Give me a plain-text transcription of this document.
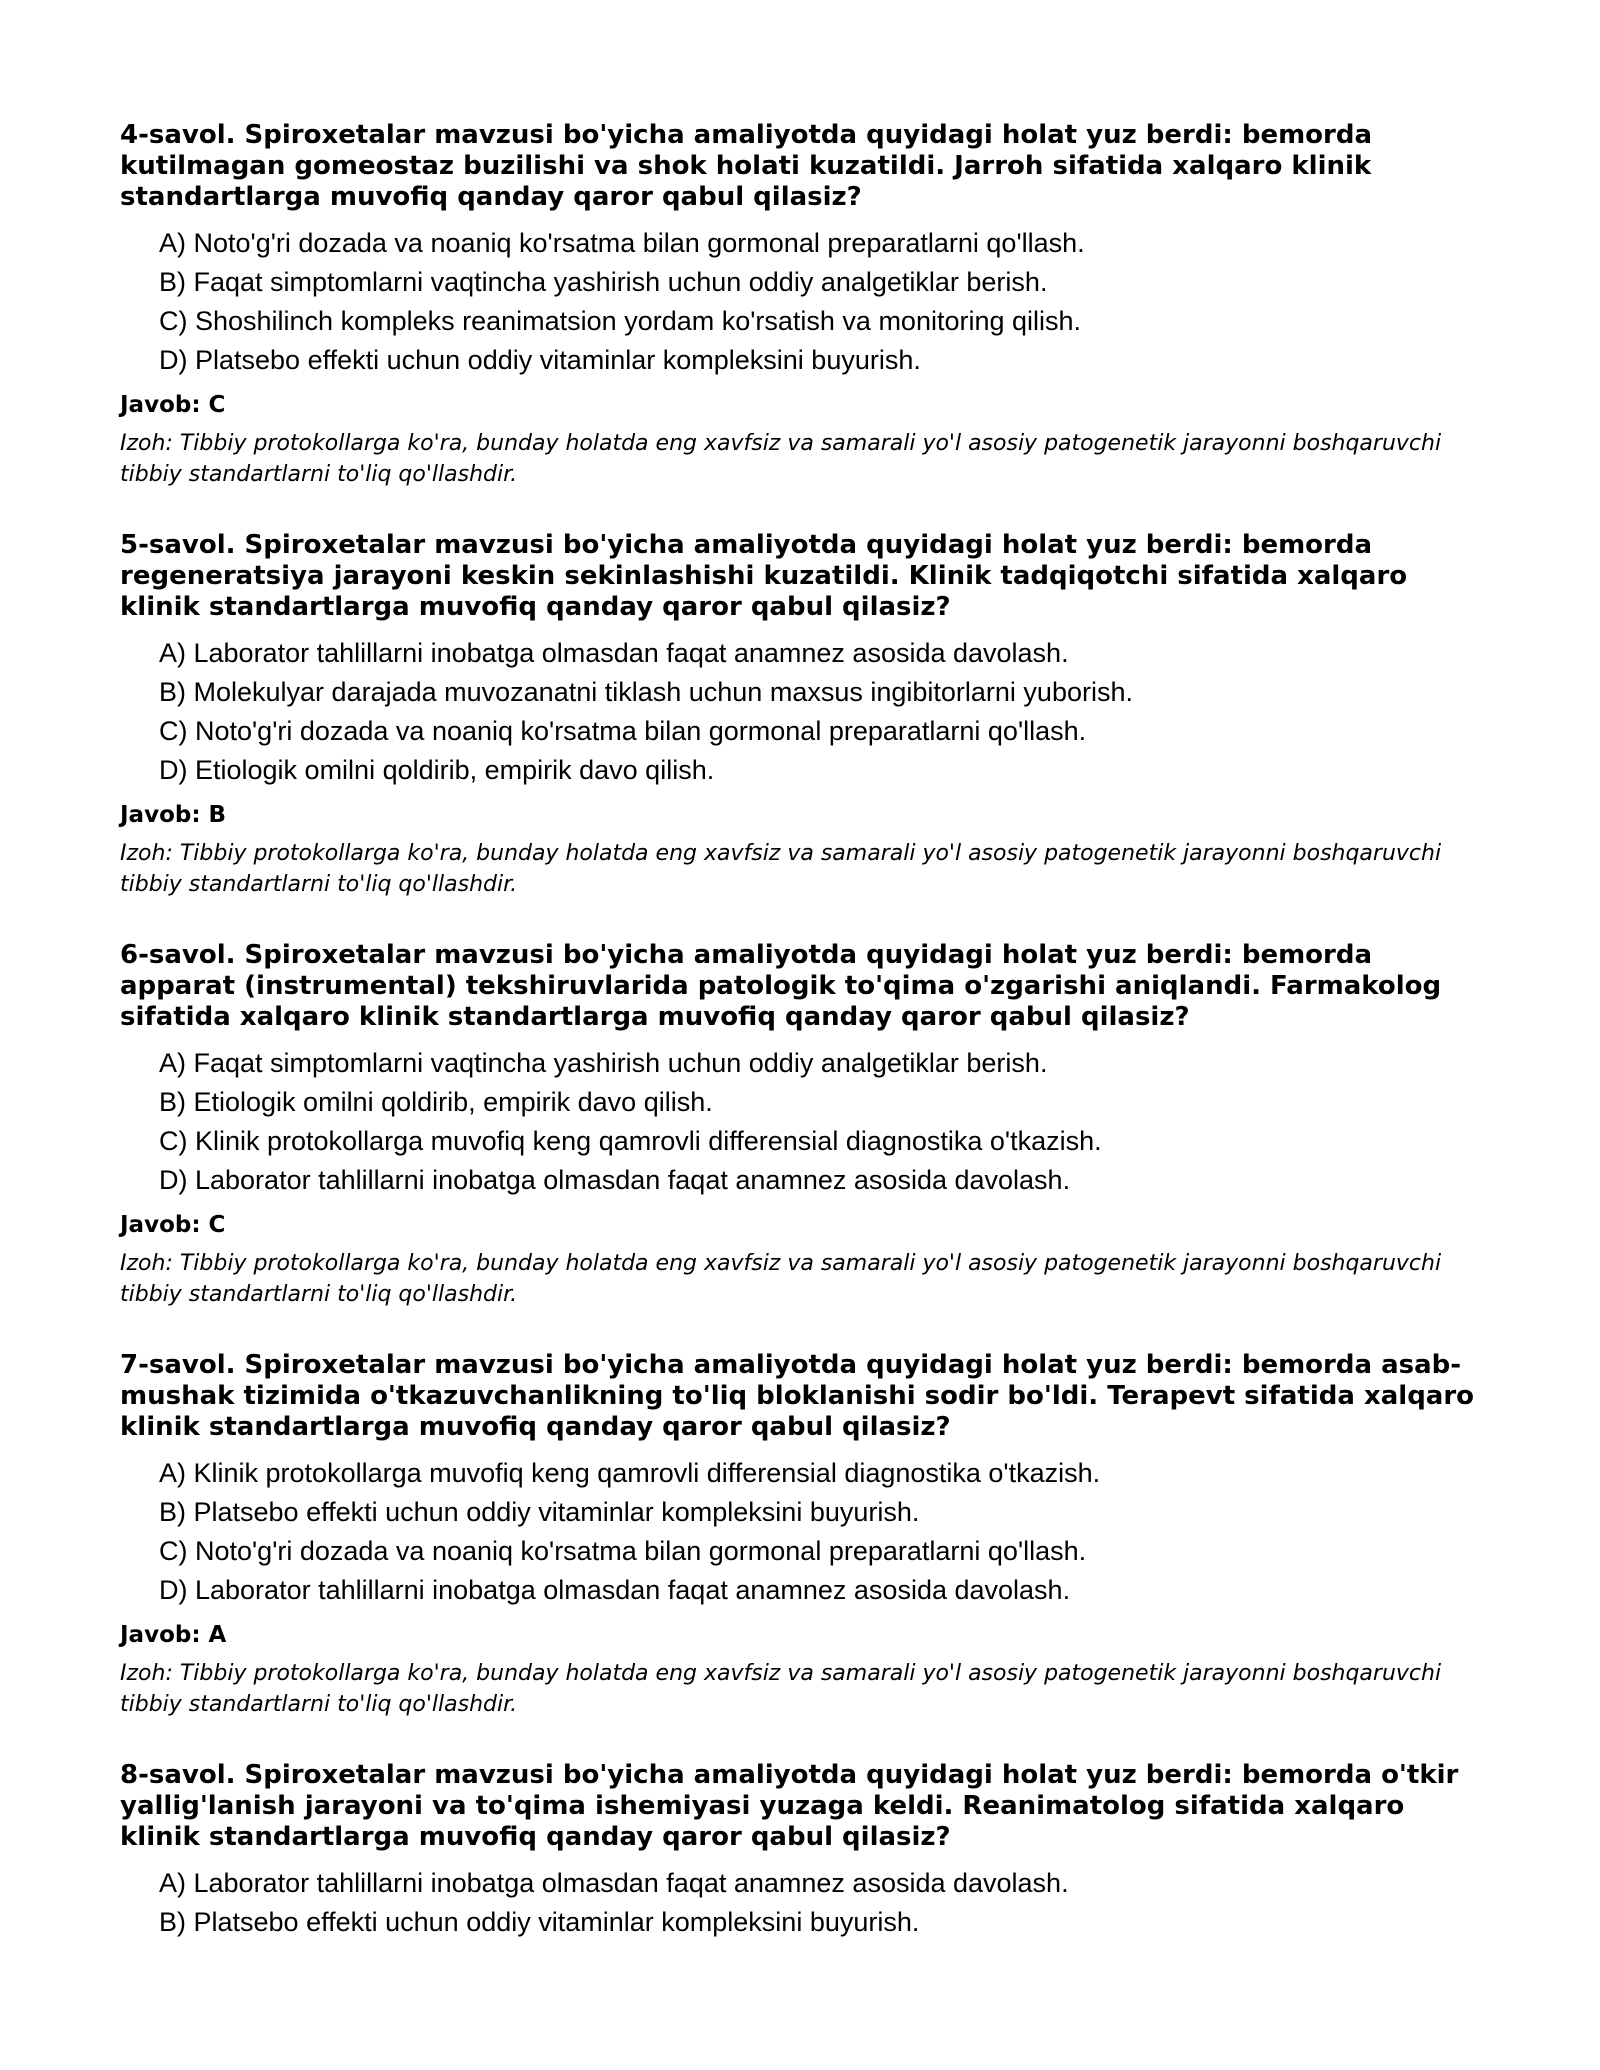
4-savol. Spiroxetalar mavzusi bo'yicha amaliyotda quyidagi holat yuz berdi: bemorda kutilmagan gomeostaz buzilishi va shok holati kuzatildi. Jarroh sifatida xalqaro klinik standartlarga muvofiq qanday qaror qabul qilasiz?

A) Noto'g'ri dozada va noaniq ko'rsatma bilan gormonal preparatlarni qo'llash.
B) Faqat simptomlarni vaqtincha yashirish uchun oddiy analgetiklar berish.
C) Shoshilinch kompleks reanimatsion yordam ko'rsatish va monitoring qilish.
D) Platsebo effekti uchun oddiy vitaminlar kompleksini buyurish.

Javob: C

Izoh: Tibbiy protokollarga ko'ra, bunday holatda eng xavfsiz va samarali yo'l asosiy patogenetik jarayonni boshqaruvchi tibbiy standartlarni to'liq qo'llashdir.

5-savol. Spiroxetalar mavzusi bo'yicha amaliyotda quyidagi holat yuz berdi: bemorda regeneratsiya jarayoni keskin sekinlashishi kuzatildi. Klinik tadqiqotchi sifatida xalqaro klinik standartlarga muvofiq qanday qaror qabul qilasiz?

A) Laborator tahlillarni inobatga olmasdan faqat anamnez asosida davolash.
B) Molekulyar darajada muvozanatni tiklash uchun maxsus ingibitorlarni yuborish.
C) Noto'g'ri dozada va noaniq ko'rsatma bilan gormonal preparatlarni qo'llash.
D) Etiologik omilni qoldirib, empirik davo qilish.

Javob: B

Izoh: Tibbiy protokollarga ko'ra, bunday holatda eng xavfsiz va samarali yo'l asosiy patogenetik jarayonni boshqaruvchi tibbiy standartlarni to'liq qo'llashdir.

6-savol. Spiroxetalar mavzusi bo'yicha amaliyotda quyidagi holat yuz berdi: bemorda apparat (instrumental) tekshiruvlarida patologik to'qima o'zgarishi aniqlandi. Farmakolog sifatida xalqaro klinik standartlarga muvofiq qanday qaror qabul qilasiz?

A) Faqat simptomlarni vaqtincha yashirish uchun oddiy analgetiklar berish.
B) Etiologik omilni qoldirib, empirik davo qilish.
C) Klinik protokollarga muvofiq keng qamrovli differensial diagnostika o'tkazish.
D) Laborator tahlillarni inobatga olmasdan faqat anamnez asosida davolash.

Javob: C

Izoh: Tibbiy protokollarga ko'ra, bunday holatda eng xavfsiz va samarali yo'l asosiy patogenetik jarayonni boshqaruvchi tibbiy standartlarni to'liq qo'llashdir.

7-savol. Spiroxetalar mavzusi bo'yicha amaliyotda quyidagi holat yuz berdi: bemorda asab-mushak tizimida o'tkazuvchanlikning to'liq bloklanishi sodir bo'ldi. Terapevt sifatida xalqaro klinik standartlarga muvofiq qanday qaror qabul qilasiz?

A) Klinik protokollarga muvofiq keng qamrovli differensial diagnostika o'tkazish.
B) Platsebo effekti uchun oddiy vitaminlar kompleksini buyurish.
C) Noto'g'ri dozada va noaniq ko'rsatma bilan gormonal preparatlarni qo'llash.
D) Laborator tahlillarni inobatga olmasdan faqat anamnez asosida davolash.

Javob: A

Izoh: Tibbiy protokollarga ko'ra, bunday holatda eng xavfsiz va samarali yo'l asosiy patogenetik jarayonni boshqaruvchi tibbiy standartlarni to'liq qo'llashdir.

8-savol. Spiroxetalar mavzusi bo'yicha amaliyotda quyidagi holat yuz berdi: bemorda o'tkir yallig'lanish jarayoni va to'qima ishemiyasi yuzaga keldi. Reanimatolog sifatida xalqaro klinik standartlarga muvofiq qanday qaror qabul qilasiz?

A) Laborator tahlillarni inobatga olmasdan faqat anamnez asosida davolash.
B) Platsebo effekti uchun oddiy vitaminlar kompleksini buyurish.
